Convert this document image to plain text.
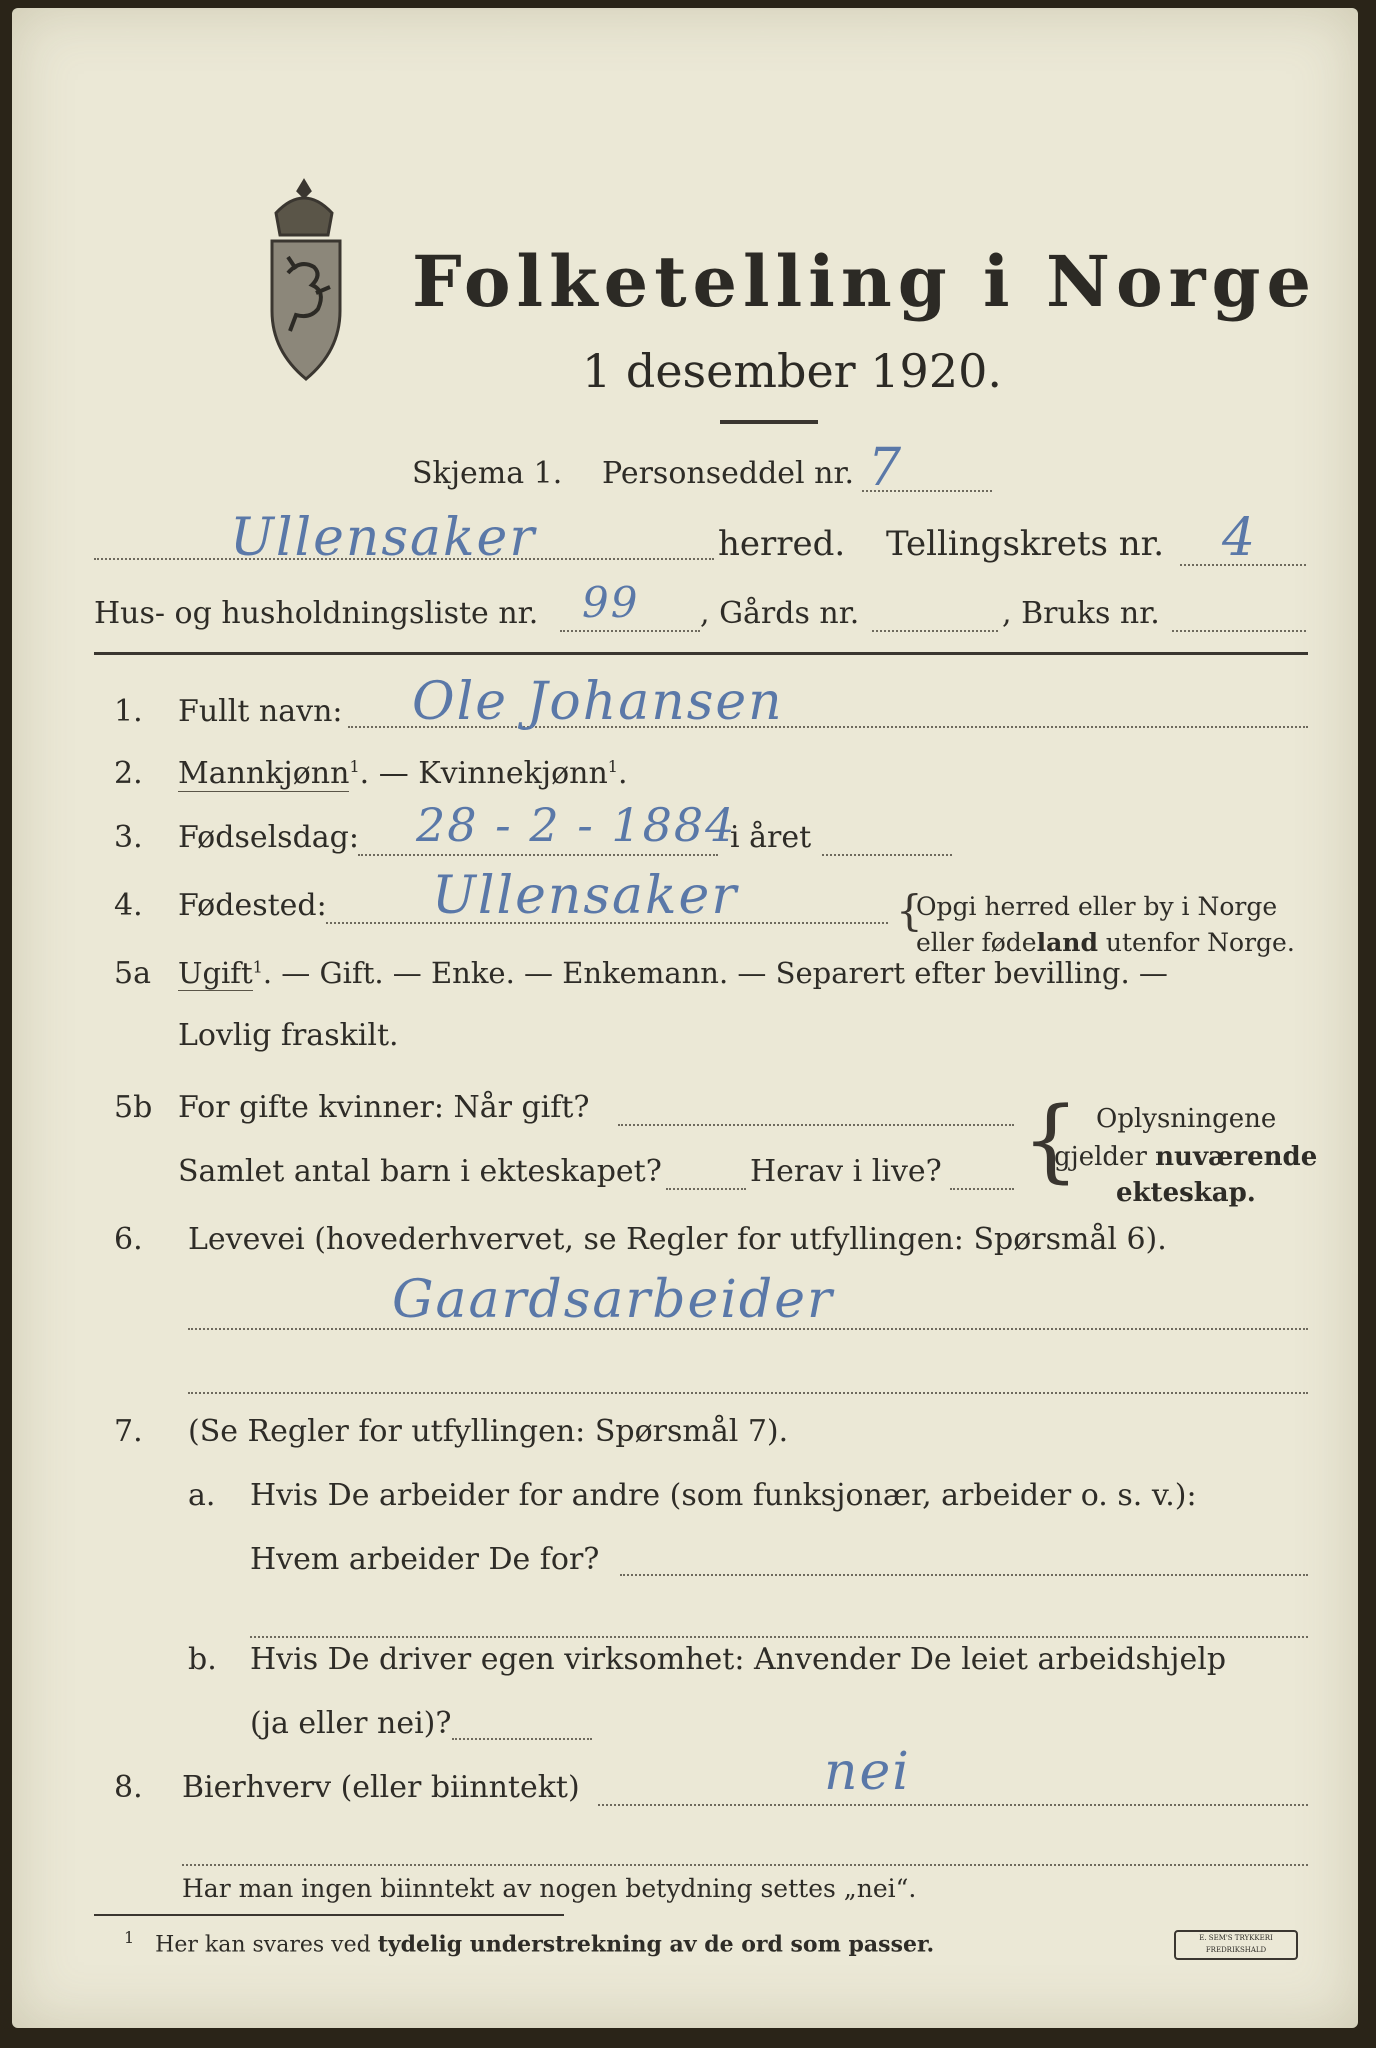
Folketelling i Norge
1 desember 1920.
Skjema 1. Personseddel nr. 7
Ullensaker	herred. Tellingskrets nr. 4
Hus- og husholdningsliste nr. 99 , Gårds nr.	, Bruks nr.
1. Fullt navn: Ole Johansen
2. Mannkjønn$^1$. — Kvinnekjønn$^1$.
3. Fødselsdag: 28 - 2 - 1884
i året
4. Fødested: Ullensaker	{
Opgi herred eller by i Norge
eller fødeland utenfor Norge.
5a Ugift$^1$. — Gift. — Enke. — Enkemann. — Separert efter bevilling. —
Lovlig fraskilt.
5b For gifte kvinner: Når gift?
Samlet antal barn i ekteskapet?	Herav i live? { Oplysningene
gjelder nuværende
ekteskap.
6. Levevei (hovederhvervet, se Regler for utfyllingen: Spørsmål 6).
Gaardsarbeider
7. (Se Regler for utfyllingen: Spørsmål 7).
a. Hvis De arbeider for andre (som funksjonær, arbeider o. s. v.):
Hvem arbeider De for?
b. Hvis De driver egen virksomhet: Anvender De leiet arbeidshjelp
(ja eller nei)?
8. Bierhverv (eller biinntekt)	nei
Har man ingen biinntekt av nogen betydning settes „nei“.
$^1$ Her kan svares ved tydelig understrekning av de ord som passer.	E. SEM'S TRYKKERI FREDRIKSHALD
